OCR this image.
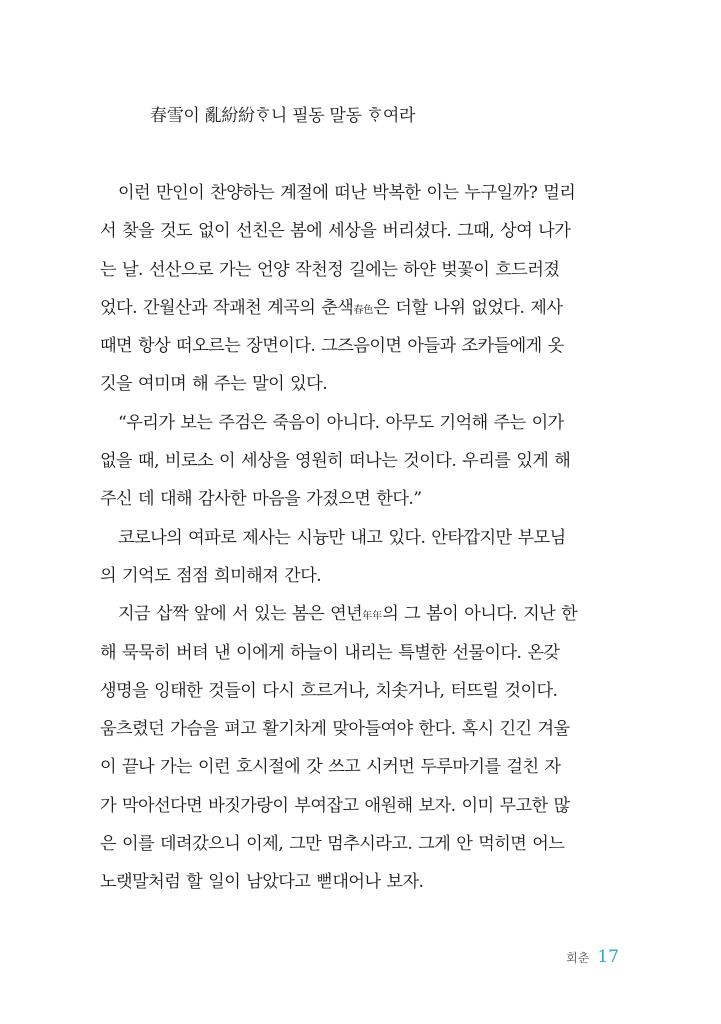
春雪이 亂紛紛ᄒᆞ니 필동 말동 ᄒᆞ여라
이런 만인이 찬양하는 계절에 떠난 박복한 이는 누구일까? 멀리
서 찾을 것도 없이 선친은 봄에 세상을 버리셨다. 그때, 상여 나가
는 날. 선산으로 가는 언양 작천정 길에는 하얀 벚꽃이 흐드러졌
었다. 간월산과 작괘천 계곡의 춘색春色은 더할 나위 없었다. 제사
때면 항상 떠오르는 장면이다. 그즈음이면 아들과 조카들에게 옷
깃을 여미며 해 주는 말이 있다.
“우리가 보는 주검은 죽음이 아니다. 아무도 기억해 주는 이가
없을 때, 비로소 이 세상을 영원히 떠나는 것이다. 우리를 있게 해
주신 데 대해 감사한 마음을 가졌으면 한다.”
코로나의 여파로 제사는 시늉만 내고 있다. 안타깝지만 부모님
의 기억도 점점 희미해져 간다.
지금 삽짝 앞에 서 있는 봄은 연년年年의 그 봄이 아니다. 지난 한
해 묵묵히 버텨 낸 이에게 하늘이 내리는 특별한 선물이다. 온갖
생명을 잉태한 것들이 다시 흐르거나, 치솟거나, 터뜨릴 것이다.
움츠렸던 가슴을 펴고 활기차게 맞아들여야 한다. 혹시 긴긴 겨울
이 끝나 가는 이런 호시절에 갓 쓰고 시커먼 두루마기를 걸친 자
가 막아선다면 바짓가랑이 부여잡고 애원해 보자. 이미 무고한 많
은 이를 데려갔으니 이제, 그만 멈추시라고. 그게 안 먹히면 어느
노랫말처럼 할 일이 남았다고 뻗대어나 보자.
회춘 17
